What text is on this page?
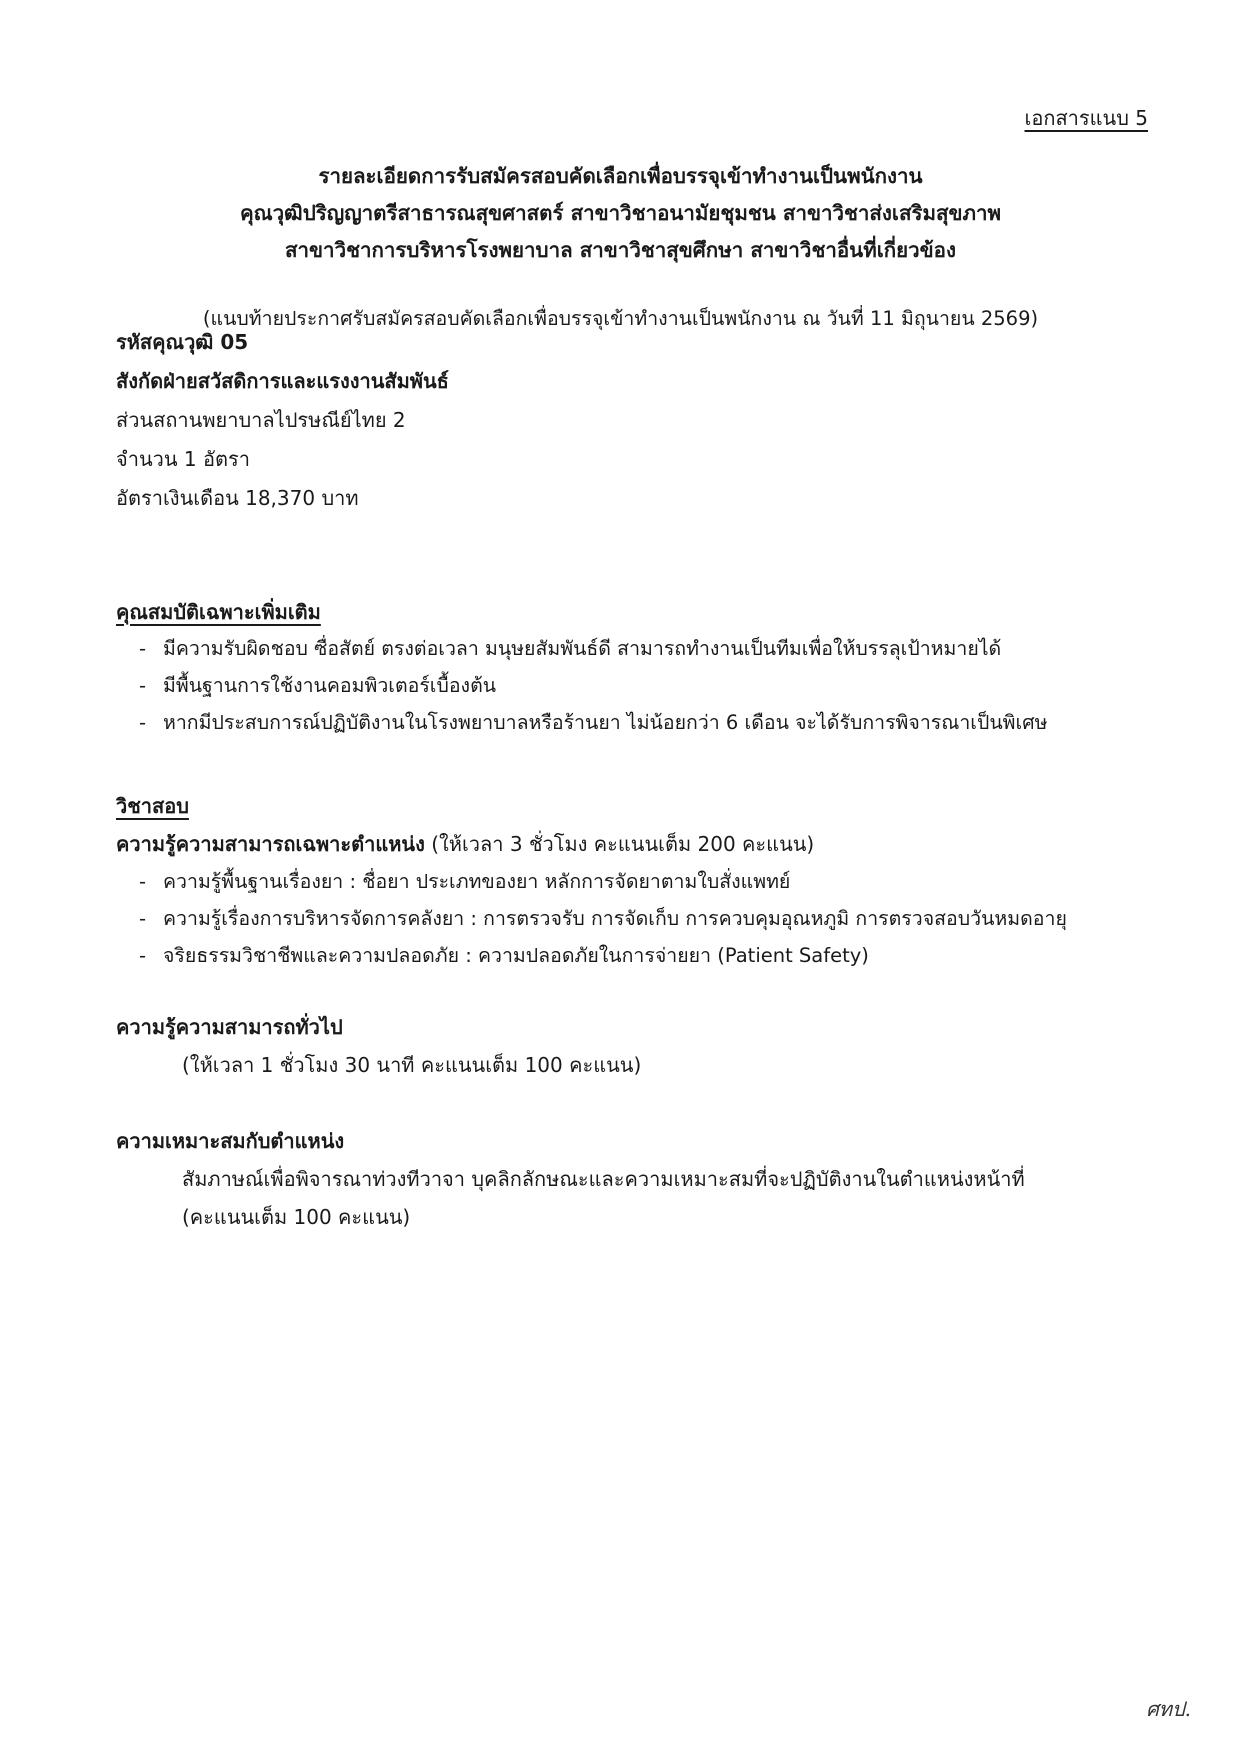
เอกสารแนบ 5
รายละเอียดการรับสมัครสอบคัดเลือกเพื่อบรรจุเข้าทำงานเป็นพนักงาน
คุณวุฒิปริญญาตรีสาธารณสุขศาสตร์ สาขาวิชาอนามัยชุมชน สาขาวิชาส่งเสริมสุขภาพ
สาขาวิชาการบริหารโรงพยาบาล สาขาวิชาสุขศึกษา สาขาวิชาอื่นที่เกี่ยวข้อง
(แนบท้ายประกาศรับสมัครสอบคัดเลือกเพื่อบรรจุเข้าทำงานเป็นพนักงาน ณ วันที่ 11 มิถุนายน 2569)
รหัสคุณวุฒิ 05
สังกัดฝ่ายสวัสดิการและแรงงานสัมพันธ์
ส่วนสถานพยาบาลไปรษณีย์ไทย 2
จำนวน 1 อัตรา
อัตราเงินเดือน 18,370 บาท
คุณสมบัติเฉพาะเพิ่มเติม
มีความรับผิดชอบ ซื่อสัตย์ ตรงต่อเวลา มนุษยสัมพันธ์ดี สามารถทำงานเป็นทีมเพื่อให้บรรลุเป้าหมายได้
มีพื้นฐานการใช้งานคอมพิวเตอร์เบื้องต้น
หากมีประสบการณ์ปฏิบัติงานในโรงพยาบาลหรือร้านยา ไม่น้อยกว่า 6 เดือน จะได้รับการพิจารณาเป็นพิเศษ
วิชาสอบ
ความรู้ความสามารถเฉพาะตำแหน่ง (ให้เวลา 3 ชั่วโมง คะแนนเต็ม 200 คะแนน)
ความรู้พื้นฐานเรื่องยา : ชื่อยา ประเภทของยา หลักการจัดยาตามใบสั่งแพทย์
ความรู้เรื่องการบริหารจัดการคลังยา : การตรวจรับ การจัดเก็บ การควบคุมอุณหภูมิ การตรวจสอบวันหมดอายุ
จริยธรรมวิชาชีพและความปลอดภัย : ความปลอดภัยในการจ่ายยา (Patient Safety)
ความรู้ความสามารถทั่วไป
(ให้เวลา 1 ชั่วโมง 30 นาที คะแนนเต็ม 100 คะแนน)
ความเหมาะสมกับตำแหน่ง
สัมภาษณ์เพื่อพิจารณาท่วงทีวาจา บุคลิกลักษณะและความเหมาะสมที่จะปฏิบัติงานในตำแหน่งหน้าที่
(คะแนนเต็ม 100 คะแนน)
ศทป.
